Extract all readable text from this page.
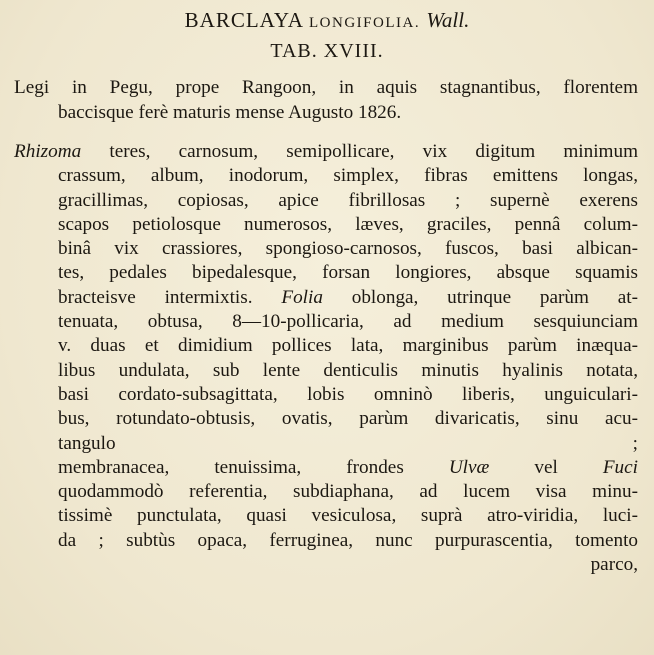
BARCLAYA LONGIFOLIA. Wall.
TAB. XVIII.
Legi in Pegu, prope Rangoon, in aquis stagnantibus, florentem
baccisque ferè maturis mense Augusto 1826.
Rhizoma teres, carnosum, semipollicare, vix digitum minimum
crassum, album, inodorum, simplex, fibras emittens longas,
gracillimas, copiosas, apice fibrillosas ; supernè exerens
scapos petiolosque numerosos, læves, graciles, pennâ colum-
binâ vix crassiores, spongioso-carnosos, fuscos, basi albican-
tes, pedales bipedalesque, forsan longiores, absque squamis
bracteisve intermixtis. Folia oblonga, utrinque parùm at-
tenuata, obtusa, 8—10-pollicaria, ad medium sesquiunciam
v. duas et dimidium pollices lata, marginibus parùm inæqua-
libus undulata, sub lente denticulis minutis hyalinis notata,
basi cordato-subsagittata, lobis omninò liberis, unguiculari-
bus, rotundato-obtusis, ovatis, parùm divaricatis, sinu acu-
tangulo ;
membranacea, tenuissima, frondes Ulvæ vel Fuci
quodammodò referentia, subdiaphana, ad lucem visa minu-
tissimè punctulata, quasi vesiculosa, suprà atro-viridia, luci-
da ; subtùs opaca, ferruginea, nunc purpurascentia, tomento
parco,
